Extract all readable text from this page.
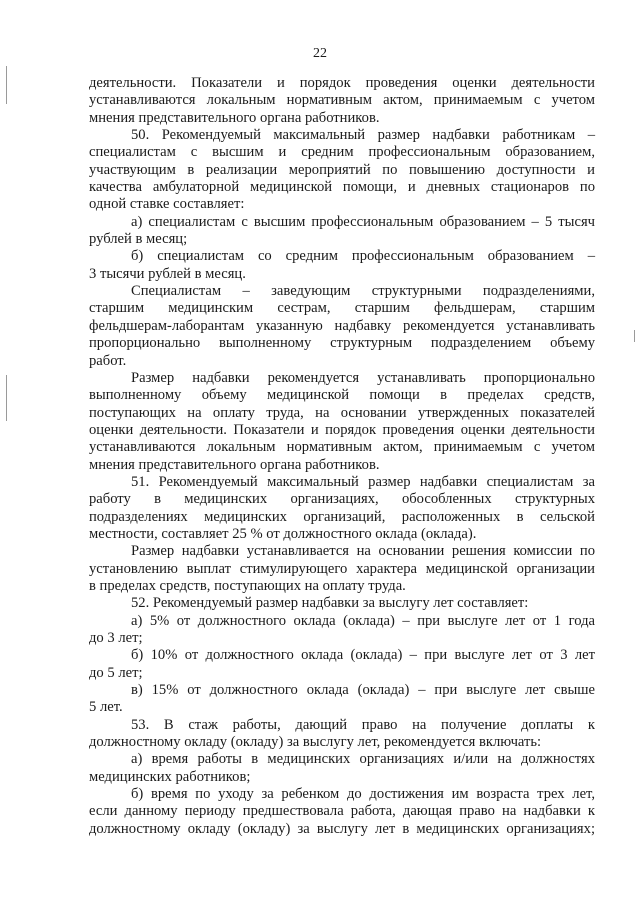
22
деятельности. Показатели и порядок проведения оценки деятельности
устанавливаются локальным нормативным актом, принимаемым с учетом
мнения представительного органа работников.
50. Рекомендуемый максимальный размер надбавки работникам –
специалистам с высшим и средним профессиональным образованием,
участвующим в реализации мероприятий по повышению доступности и
качества амбулаторной медицинской помощи, и дневных стационаров по
одной ставке составляет:
а) специалистам с высшим профессиональным образованием – 5 тысяч
рублей в месяц;
б) специалистам со средним профессиональным образованием –
3 тысячи рублей в месяц.
Специалистам – заведующим структурными подразделениями,
старшим медицинским сестрам, старшим фельдшерам, старшим
фельдшерам-лаборантам указанную надбавку рекомендуется устанавливать
пропорционально выполненному структурным подразделением объему
работ.
Размер надбавки рекомендуется устанавливать пропорционально
выполненному объему медицинской помощи в пределах средств,
поступающих на оплату труда, на основании утвержденных показателей
оценки деятельности. Показатели и порядок проведения оценки деятельности
устанавливаются локальным нормативным актом, принимаемым с учетом
мнения представительного органа работников.
51. Рекомендуемый максимальный размер надбавки специалистам за
работу в медицинских организациях, обособленных структурных
подразделениях медицинских организаций, расположенных в сельской
местности, составляет 25 % от должностного оклада (оклада).
Размер надбавки устанавливается на основании решения комиссии по
установлению выплат стимулирующего характера медицинской организации
в пределах средств, поступающих на оплату труда.
52. Рекомендуемый размер надбавки за выслугу лет составляет:
а) 5% от должностного оклада (оклада) – при выслуге лет от 1 года
до 3 лет;
б) 10% от должностного оклада (оклада) – при выслуге лет от 3 лет
до 5 лет;
в) 15% от должностного оклада (оклада) – при выслуге лет свыше
5 лет.
53. В стаж работы, дающий право на получение доплаты к
должностному окладу (окладу) за выслугу лет, рекомендуется включать:
а) время работы в медицинских организациях и/или на должностях
медицинских работников;
б) время по уходу за ребенком до достижения им возраста трех лет,
если данному периоду предшествовала работа, дающая право на надбавки к
должностному окладу (окладу) за выслугу лет в медицинских организациях;
